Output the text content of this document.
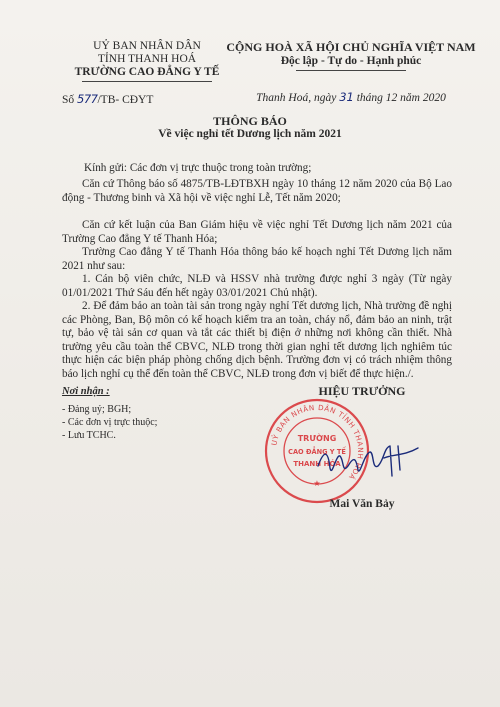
UỶ BAN NHÂN DÂN
TỈNH THANH HOÁ
TRƯỜNG CAO ĐẲNG Y TẾ
Số 577/TB- CĐYT
CỘNG HOÀ XÃ HỘI CHỦ NGHĨA VIỆT NAM
Độc lập - Tự do - Hạnh phúc
Thanh Hoá, ngày 31 tháng 12 năm 2020
THÔNG BÁO
Về việc nghỉ tết Dương lịch năm 2021

Kính gửi: Các đơn vị trực thuộc trong toàn trường;

Căn cứ Thông báo số 4875/TB-LĐTBXH ngày 10 tháng 12 năm 2020 của Bộ Lao động - Thương binh và Xã hội về việc nghỉ Lễ, Tết năm 2020;

Căn cứ kết luận của Ban Giám hiệu về việc nghỉ Tết Dương lịch năm 2021 của Trường Cao đẳng Y tế Thanh Hóa;

Trường Cao đẳng Y tế Thanh Hóa thông báo kế hoạch nghỉ Tết Dương lịch năm 2021 như sau:

1. Cán bộ viên chức, NLĐ và HSSV nhà trường được nghỉ 3 ngày (Từ ngày 01/01/2021 Thứ Sáu đến hết ngày 03/01/2021 Chủ nhật).

2. Để đảm bảo an toàn tài sản trong ngày nghỉ Tết dương lịch, Nhà trường đề nghị các Phòng, Ban, Bộ môn có kế hoạch kiểm tra an toàn, cháy nổ, đảm bảo an ninh, trật tự, bảo vệ tài sản cơ quan và tắt các thiết bị điện ở những nơi không cần thiết. Nhà trường yêu cầu toàn thể CBVC, NLĐ trong thời gian nghỉ tết dương lịch nghiêm túc thực hiện các biện pháp phòng chống dịch bệnh. Trường đơn vị có trách nhiệm thông báo lịch nghỉ cụ thể đến toàn thể CBVC, NLĐ trong đơn vị biết để thực hiện./.

Nơi nhận :
- Đảng uỷ; BGH;
- Các đơn vị trực thuộc;
- Lưu TCHC.
HIỆU TRƯỞNG
UỶ BAN NHÂN DÂN TỈNH THANH HOÁ
TRƯỜNG
CAO ĐẲNG Y TẾ
THANH HÓA
★
Mai Văn Bảy
